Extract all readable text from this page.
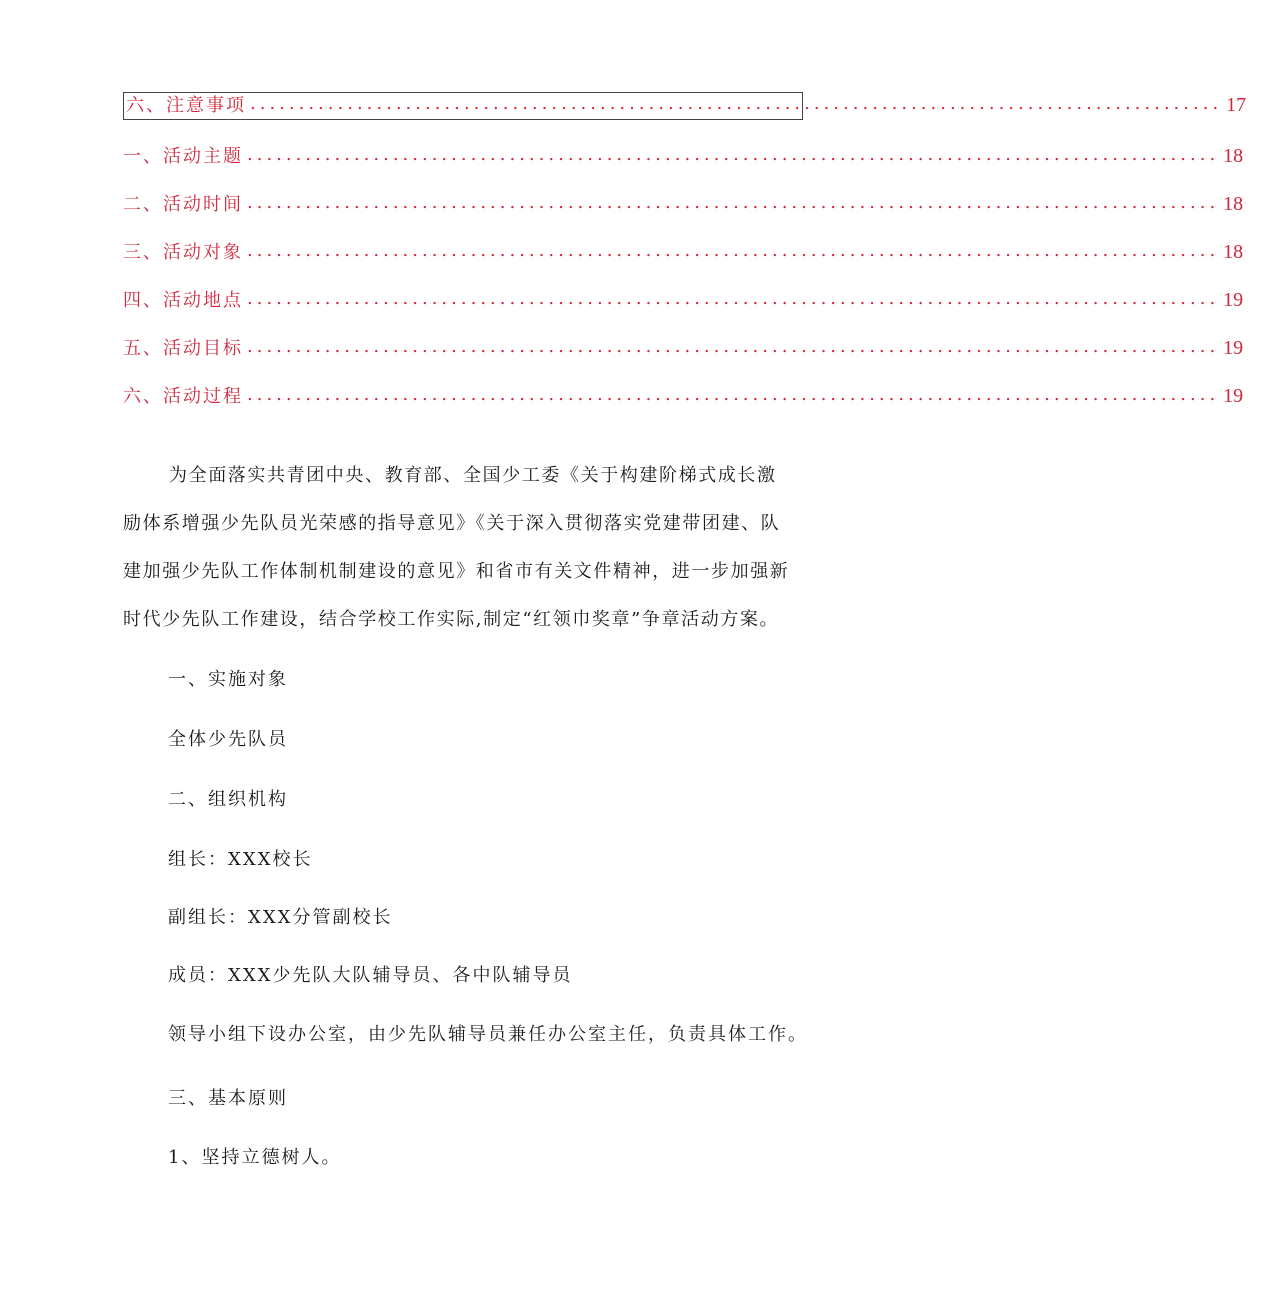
六、注意事项 .................................................................................................... 17
一、活动主题 .................................................................................................... 18
二、活动时间 .................................................................................................... 18
三、活动对象 .................................................................................................... 18
四、活动地点 .................................................................................................... 19
五、活动目标 .................................................................................................... 19
六、活动过程 .................................................................................................... 19
为全面落实共青团中央、教育部、全国少工委《关于构建阶梯式成长激
励体系增强少先队员光荣感的指导意见》《关于深入贯彻落实党建带团建、队
建加强少先队工作体制机制建设的意见》和省市有关文件精神，进一步加强新
时代少先队工作建设，结合学校工作实际,制定“红领巾奖章”争章活动方案。

一、实施对象

全体少先队员

二、组织机构

组长：XXX校长

副组长：XXX分管副校长

成员：XXX少先队大队辅导员、各中队辅导员

领导小组下设办公室，由少先队辅导员兼任办公室主任，负责具体工作。

三、基本原则

1、坚持立德树人。
